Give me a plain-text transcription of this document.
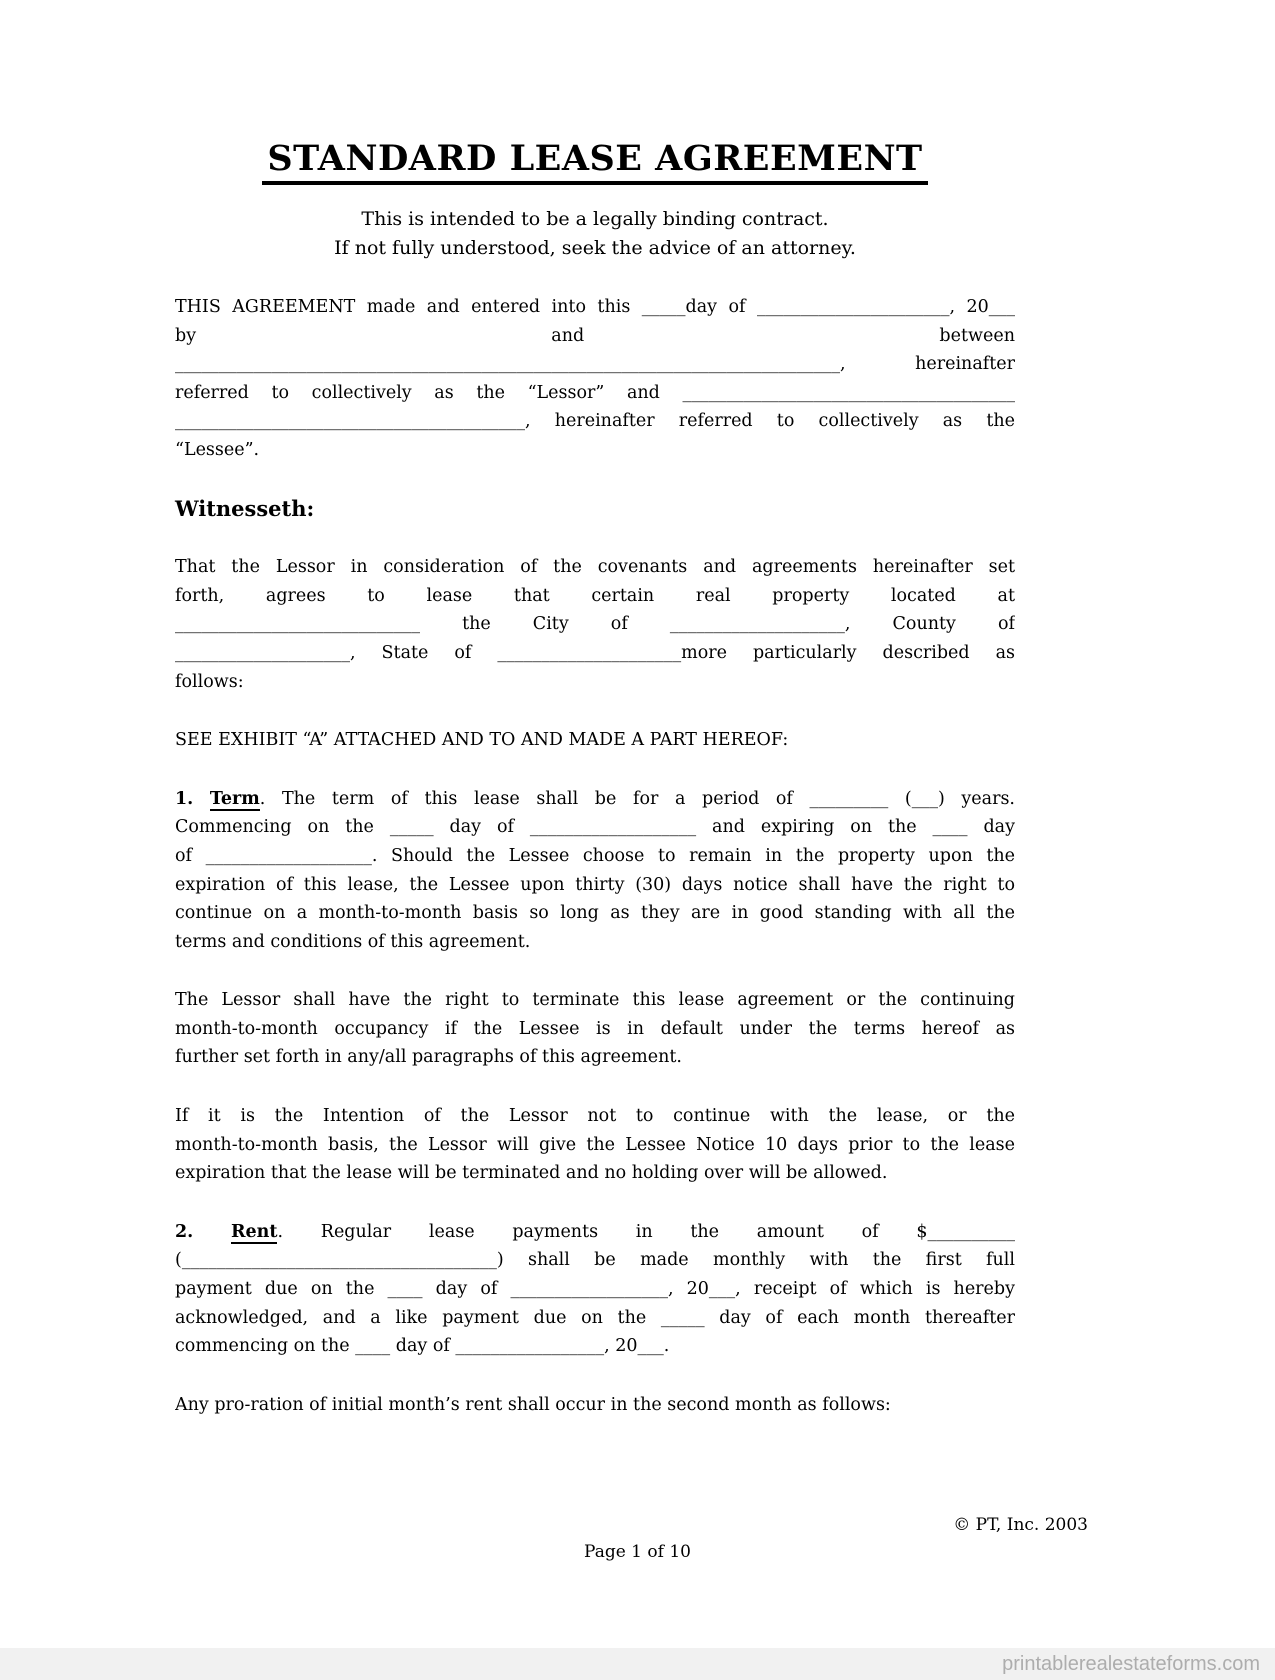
STANDARD LEASE AGREEMENT
This is intended to be a legally binding contract.
If not fully understood, seek the advice of an attorney.
THIS AGREEMENT made and entered into this _____day of ______________________, 20___
by and between
____________________________________________________________________________, hereinafter
referred to collectively as the “Lessor” and ______________________________________
________________________________________, hereinafter referred to collectively as the
“Lessee”.
Witnesseth:
That the Lessor in consideration of the covenants and agreements hereinafter set
forth, agrees to lease that certain real property located at
____________________________ the City of ____________________, County of
____________________, State of _____________________more particularly described as
follows:
SEE EXHIBIT “A” ATTACHED AND TO AND MADE A PART HEREOF:
1. Term. The term of this lease shall be for a period of _________ (___) years.
Commencing on the _____ day of ___________________ and expiring on the ____ day
of ___________________. Should the Lessee choose to remain in the property upon the
expiration of this lease, the Lessee upon thirty (30) days notice shall have the right to
continue on a month-to-month basis so long as they are in good standing with all the
terms and conditions of this agreement.
The Lessor shall have the right to terminate this lease agreement or the continuing
month-to-month occupancy if the Lessee is in default under the terms hereof as
further set forth in any/all paragraphs of this agreement.
If it is the Intention of the Lessor not to continue with the lease, or the
month-to-month basis, the Lessor will give the Lessee Notice 10 days prior to the lease
expiration that the lease will be terminated and no holding over will be allowed.
2. Rent. Regular lease payments in the amount of $__________
(____________________________________) shall be made monthly with the first full
payment due on the ____ day of __________________, 20___, receipt of which is hereby
acknowledged, and a like payment due on the _____ day of each month thereafter
commencing on the ____ day of _________________, 20___.
Any pro-ration of initial month’s rent shall occur in the second month as follows:
© PT, Inc. 2003
Page 1 of 10
printablerealestateforms.com
